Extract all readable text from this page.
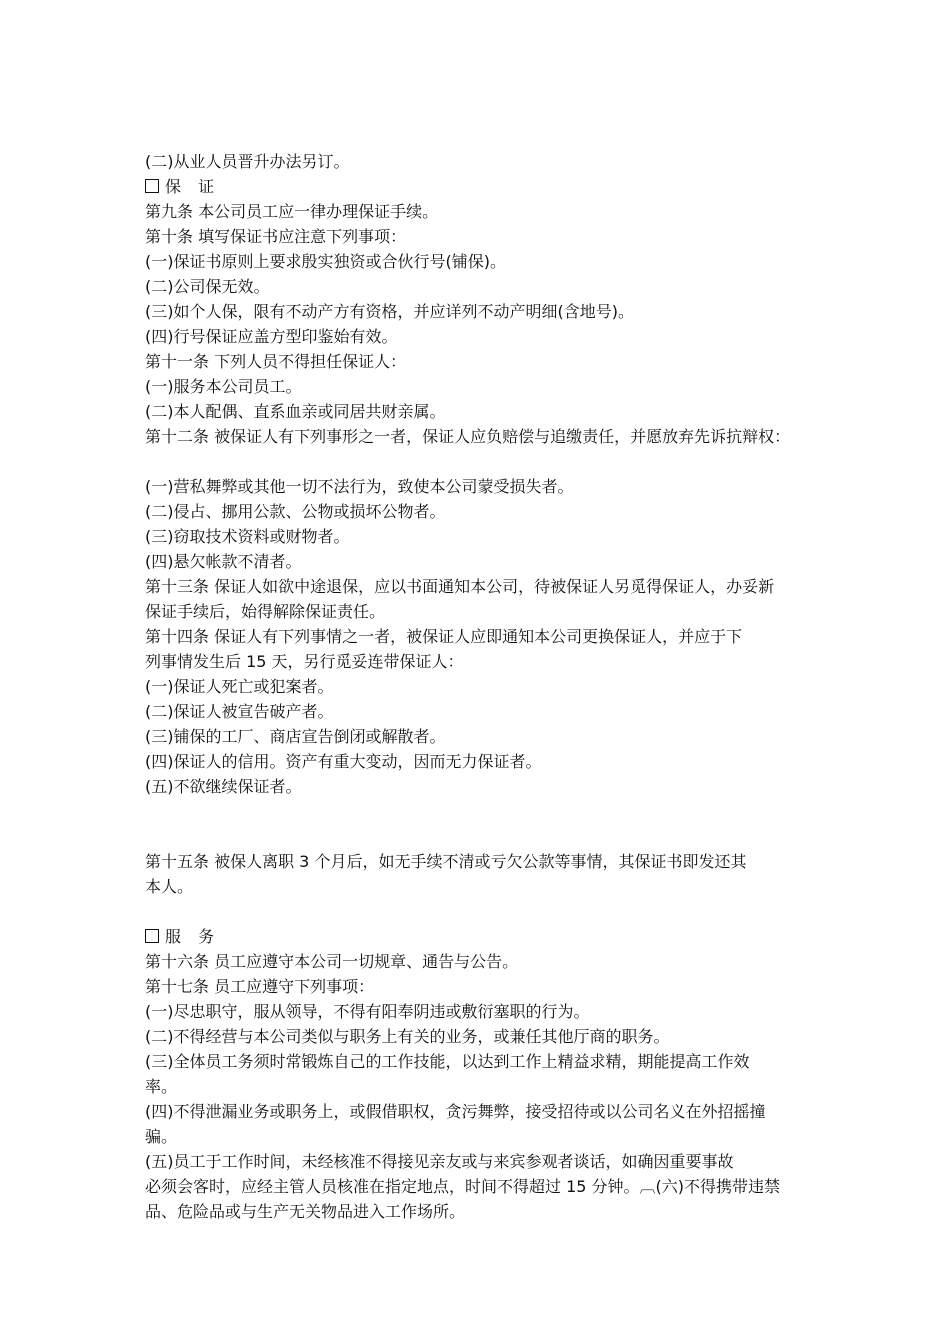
(二)从业人员晋升办法另订。
保 证
第九条 本公司员工应一律办理保证手续。
第十条 填写保证书应注意下列事项：
(一)保证书原则上要求殷实独资或合伙行号(铺保)。
(二)公司保无效。
(三)如个人保，限有不动产方有资格，并应详列不动产明细(含地号)。
(四)行号保证应盖方型印鉴始有效。
第十一条 下列人员不得担任保证人：
(一)服务本公司员工。
(二)本人配偶、直系血亲或同居共财亲属。
第十二条 被保证人有下列事形之一者，保证人应负赔偿与追缴责任，并愿放弃先诉抗辩权：
(一)营私舞弊或其他一切不法行为，致使本公司蒙受损失者。
(二)侵占、挪用公款、公物或损坏公物者。
(三)窃取技术资料或财物者。
(四)悬欠帐款不清者。
第十三条 保证人如欲中途退保，应以书面通知本公司，待被保证人另觅得保证人，办妥新
保证手续后，始得解除保证责任。
第十四条 保证人有下列事情之一者，被保证人应即通知本公司更换保证人，并应于下
列事情发生后 15 天，另行觅妥连带保证人：
(一)保证人死亡或犯案者。
(二)保证人被宣告破产者。
(三)铺保的工厂、商店宣告倒闭或解散者。
(四)保证人的信用。资产有重大变动，因而无力保证者。
(五)不欲继续保证者。
第十五条 被保人离职 3 个月后，如无手续不清或亏欠公款等事情，其保证书即发还其
本人。
服 务
第十六条 员工应遵守本公司一切规章、通告与公告。
第十七条 员工应遵守下列事项：
(一)尽忠职守，服从领导，不得有阳奉阴违或敷衍塞职的行为。
(二)不得经营与本公司类似与职务上有关的业务，或兼任其他厅商的职务。
(三)全体员工务须时常锻炼自己的工作技能，以达到工作上精益求精，期能提高工作效
率。
(四)不得泄漏业务或职务上，或假借职权，贪污舞弊，接受招待或以公司名义在外招摇撞
骗。
(五)员工于工作时间，未经核准不得接见亲友或与来宾参观者谈话，如确因重要事故
必须会客时，应经主管人员核准在指定地点，时间不得超过 15 分钟。︹(六)不得携带违禁
品、危险品或与生产无关物品进入工作场所。
